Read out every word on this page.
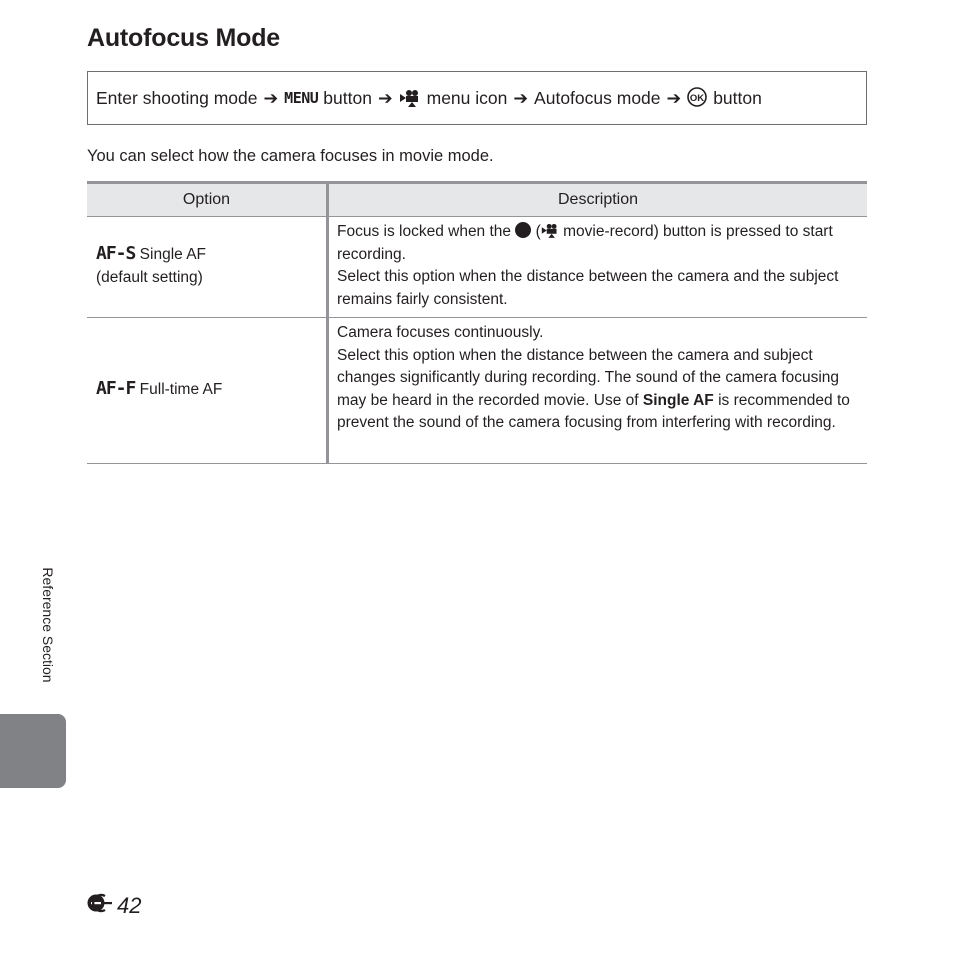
Autofocus Mode
Enter shooting mode ➔ MENU button ➔ menu icon ➔ Autofocus mode ➔ OK button
You can select how the camera focuses in movie mode.
Option	Description
AF-S Single AF
(default setting)	Focus is locked when the  ( movie-record) button is pressed to start recording.
Select this option when the distance between the camera and the subject remains fairly consistent.
AF-F Full-time AF	Camera focuses continuously.
Select this option when the distance between the camera and subject changes significantly during recording. The sound of the camera focusing may be heard in the recorded movie. Use of Single AF is recommended to prevent the sound of the camera focusing from interfering with recording.
Reference Section
42
